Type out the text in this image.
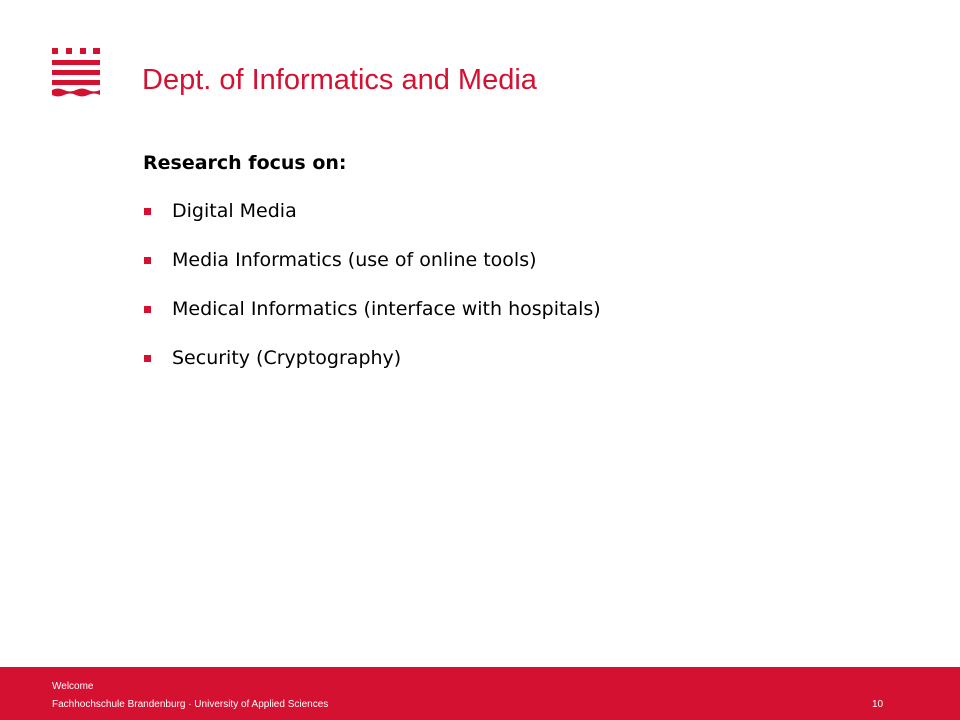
Dept. of Informatics and Media
Research focus on:
Digital Media
Media Informatics (use of online tools)
Medical Informatics (interface with hospitals)
Security (Cryptography)
Welcome
Fachhochschule Brandenburg · University of Applied Sciences	10
